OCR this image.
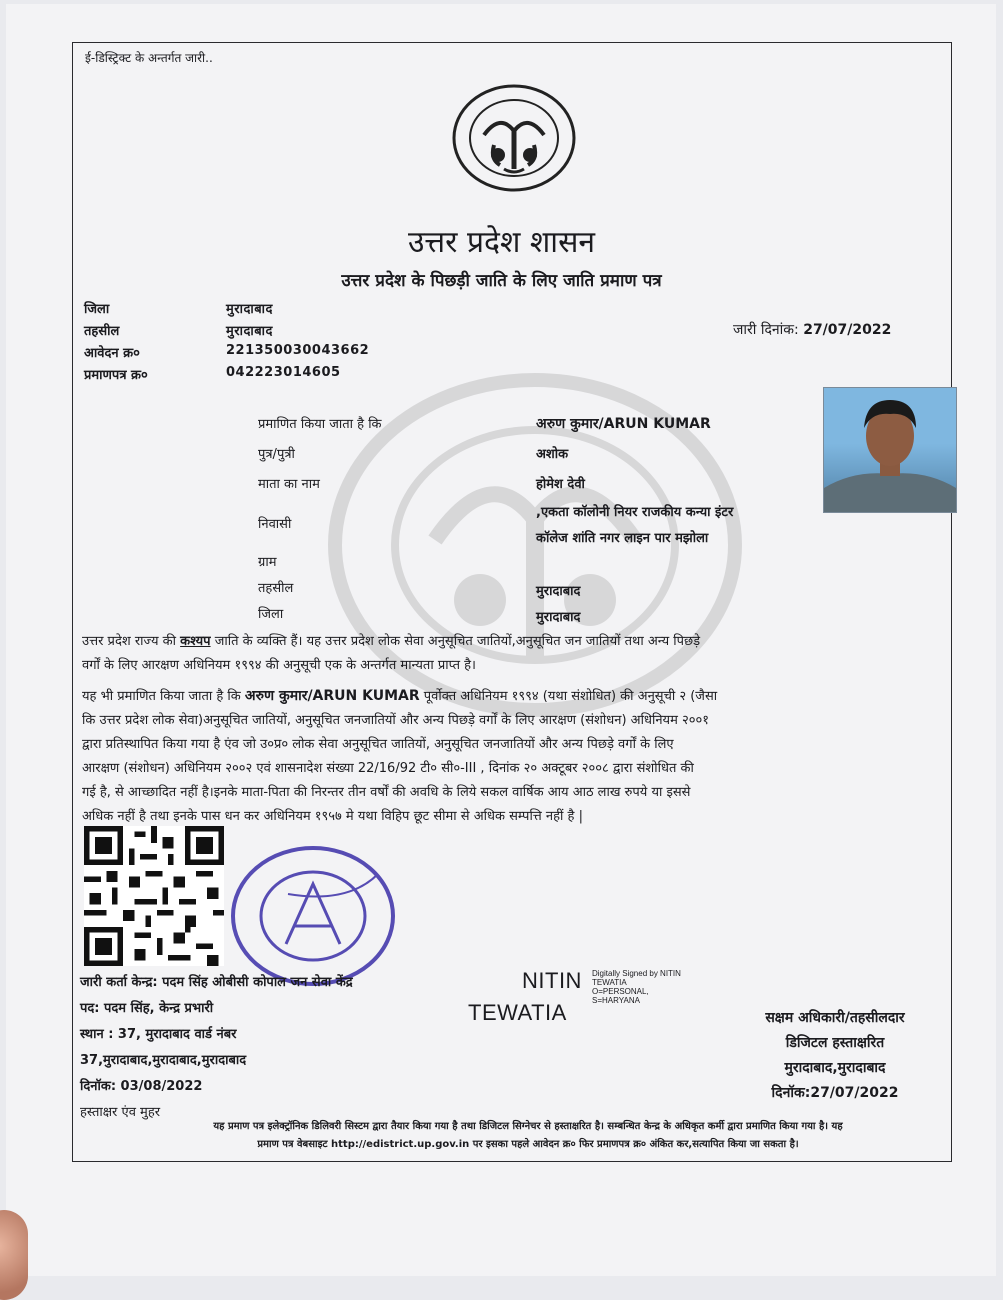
ई-डिस्ट्रिक्ट के अन्तर्गत जारी..
उत्तर प्रदेश शासन
उत्तर प्रदेश के पिछड़ी जाति के लिए जाति प्रमाण पत्र
जिला	मुरादाबाद
तहसील	मुरादाबाद
आवेदन क्र०	221350030043662
प्रमाणपत्र क्र०	042223014605
जारी दिनांक: 27/07/2022
प्रमाणित किया जाता है कि	अरुण कुमार/ARUN KUMAR
पुत्र/पुत्री	अशोक
माता का नाम	होमेश देवी
निवासी
,एकता कॉलोनी नियर राजकीय कन्या इंटर
कॉलेज शांति नगर लाइन पार मझोला
ग्राम
तहसील	मुरादाबाद
जिला	मुरादाबाद
उत्तर प्रदेश राज्य की कश्यप जाति के व्यक्ति हैं। यह उत्तर प्रदेश लोक सेवा अनुसूचित जातियों,अनुसूचित जन जातियों तथा अन्य पिछड़े
वर्गों के लिए आरक्षण अधिनियम १९९४ की अनुसूची एक के अन्तर्गत मान्यता प्राप्त है।
यह भी प्रमाणित किया जाता है कि अरुण कुमार/ARUN KUMAR पूर्वोक्त अधिनियम १९९४ (यथा संशोधित) की अनुसूची २ (जैसा
कि उत्तर प्रदेश लोक सेवा)अनुसूचित जातियों, अनुसूचित जनजातियों और अन्य पिछड़े वर्गों के लिए आरक्षण (संशोधन) अधिनियम २००१
द्वारा प्रतिस्थापित किया गया है एंव जो उ०प्र० लोक सेवा अनुसूचित जातियों, अनुसूचित जनजातियों और अन्य पिछड़े वर्गों के लिए
आरक्षण (संशोधन) अधिनियम २००२ एवं शासनादेश संख्या 22/16/92 टी० सी०-III , दिनांक २० अक्टूबर २००८ द्वारा संशोधित की
गई है, से आच्छादित नहीं है।इनके माता-पिता की निरन्तर तीन वर्षों की अवधि के लिये सकल वार्षिक आय आठ लाख रुपये या इससे
अधिक नहीं है तथा इनके पास धन कर अधिनियम १९५७ मे यथा विहिप छूट सीमा से अधिक सम्पत्ति नहीं है |
जारी कर्ता केन्द्र: पदम सिंह ओबीसी कोपाल जन सेवा केंद्र
पद: पदम सिंह, केन्द्र प्रभारी
स्थान : 37, मुरादाबाद वार्ड नंबर
37,मुरादाबाद,मुरादाबाद,मुरादाबाद
दिनॉक: 03/08/2022
हस्ताक्षर एंव मुहर
NITIN
TEWATIA
Digitally Signed by NITIN
TEWATIA
O=PERSONAL,
S=HARYANA
सक्षम अधिकारी/तहसीलदार
डिजिटल हस्ताक्षरित
मुरादाबाद,मुरादाबाद
दिनॉक:27/07/2022
यह प्रमाण पत्र इलेक्ट्रॉनिक डिलिवरी सिस्टम द्वारा तैयार किया गया है तथा डिजिटल सिग्नेचर से हस्ताक्षरित है। सम्बन्धित केन्द्र के अधिकृत कर्मी द्वारा प्रमाणित किया गया है। यह
प्रमाण पत्र वेबसाइट http://edistrict.up.gov.in पर इसका पहले आवेदन क्र० फिर प्रमाणपत्र क्र० अंकित कर,सत्यापित किया जा सकता है।
